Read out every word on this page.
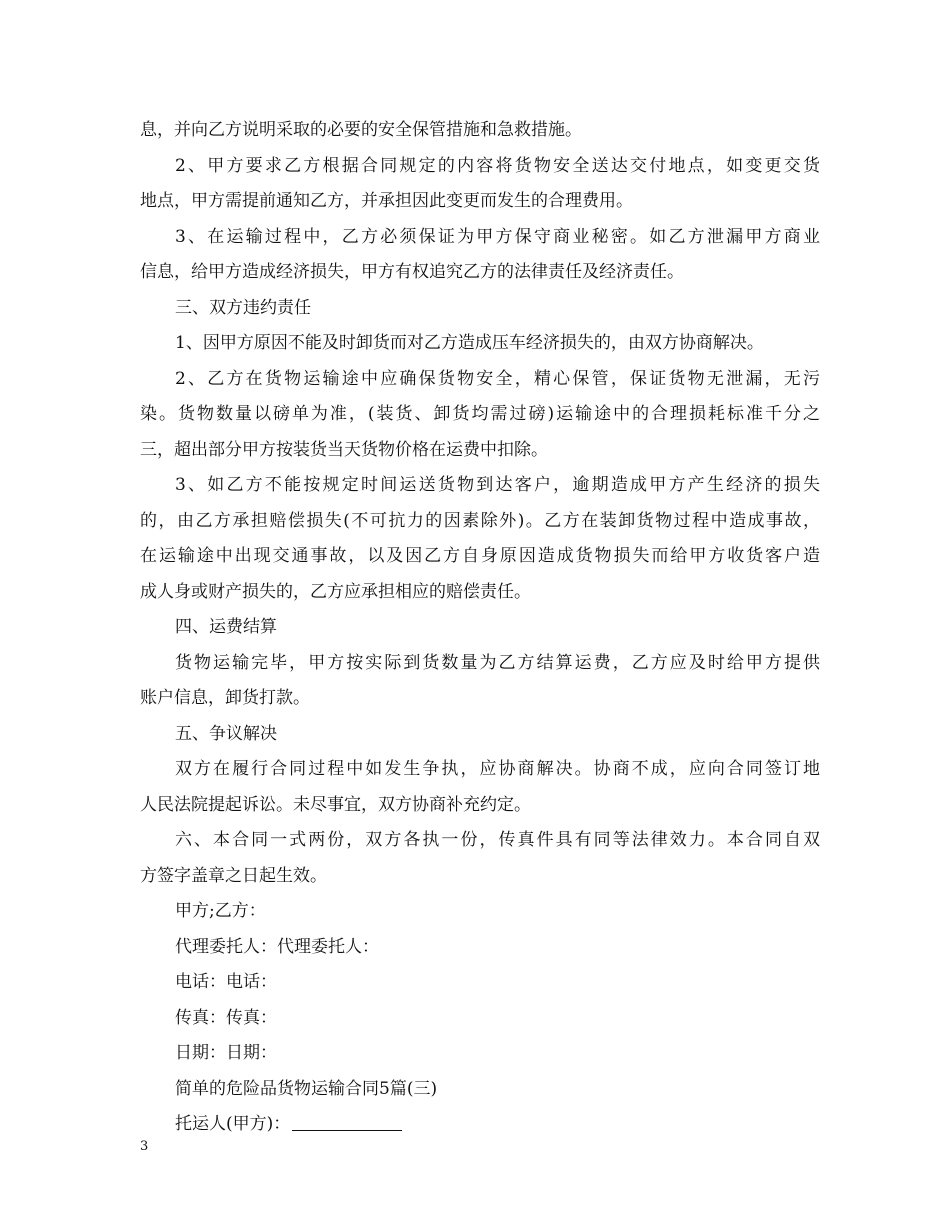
息，并向乙方说明采取的必要的安全保管措施和急救措施。
2、甲方要求乙方根据合同规定的内容将货物安全送达交付地点，如变更交货
地点，甲方需提前通知乙方，并承担因此变更而发生的合理费用。
3、在运输过程中，乙方必须保证为甲方保守商业秘密。如乙方泄漏甲方商业
信息，给甲方造成经济损失，甲方有权追究乙方的法律责任及经济责任。
三、双方违约责任
1、因甲方原因不能及时卸货而对乙方造成压车经济损失的，由双方协商解决。
2、乙方在货物运输途中应确保货物安全，精心保管，保证货物无泄漏，无污
染。货物数量以磅单为准，(装货、卸货均需过磅)运输途中的合理损耗标准千分之
三，超出部分甲方按装货当天货物价格在运费中扣除。
3、如乙方不能按规定时间运送货物到达客户，逾期造成甲方产生经济的损失
的，由乙方承担赔偿损失(不可抗力的因素除外)。乙方在装卸货物过程中造成事故，
在运输途中出现交通事故，以及因乙方自身原因造成货物损失而给甲方收货客户造
成人身或财产损失的，乙方应承担相应的赔偿责任。
四、运费结算
货物运输完毕，甲方按实际到货数量为乙方结算运费，乙方应及时给甲方提供
账户信息，卸货打款。
五、争议解决
双方在履行合同过程中如发生争执，应协商解决。协商不成，应向合同签订地
人民法院提起诉讼。未尽事宜，双方协商补充约定。
六、本合同一式两份，双方各执一份，传真件具有同等法律效力。本合同自双
方签字盖章之日起生效。
甲方;乙方：
代理委托人：代理委托人：
电话：电话：
传真：传真：
日期：日期：
简单的危险品货物运输合同5篇(三)
托运人(甲方)：
3
